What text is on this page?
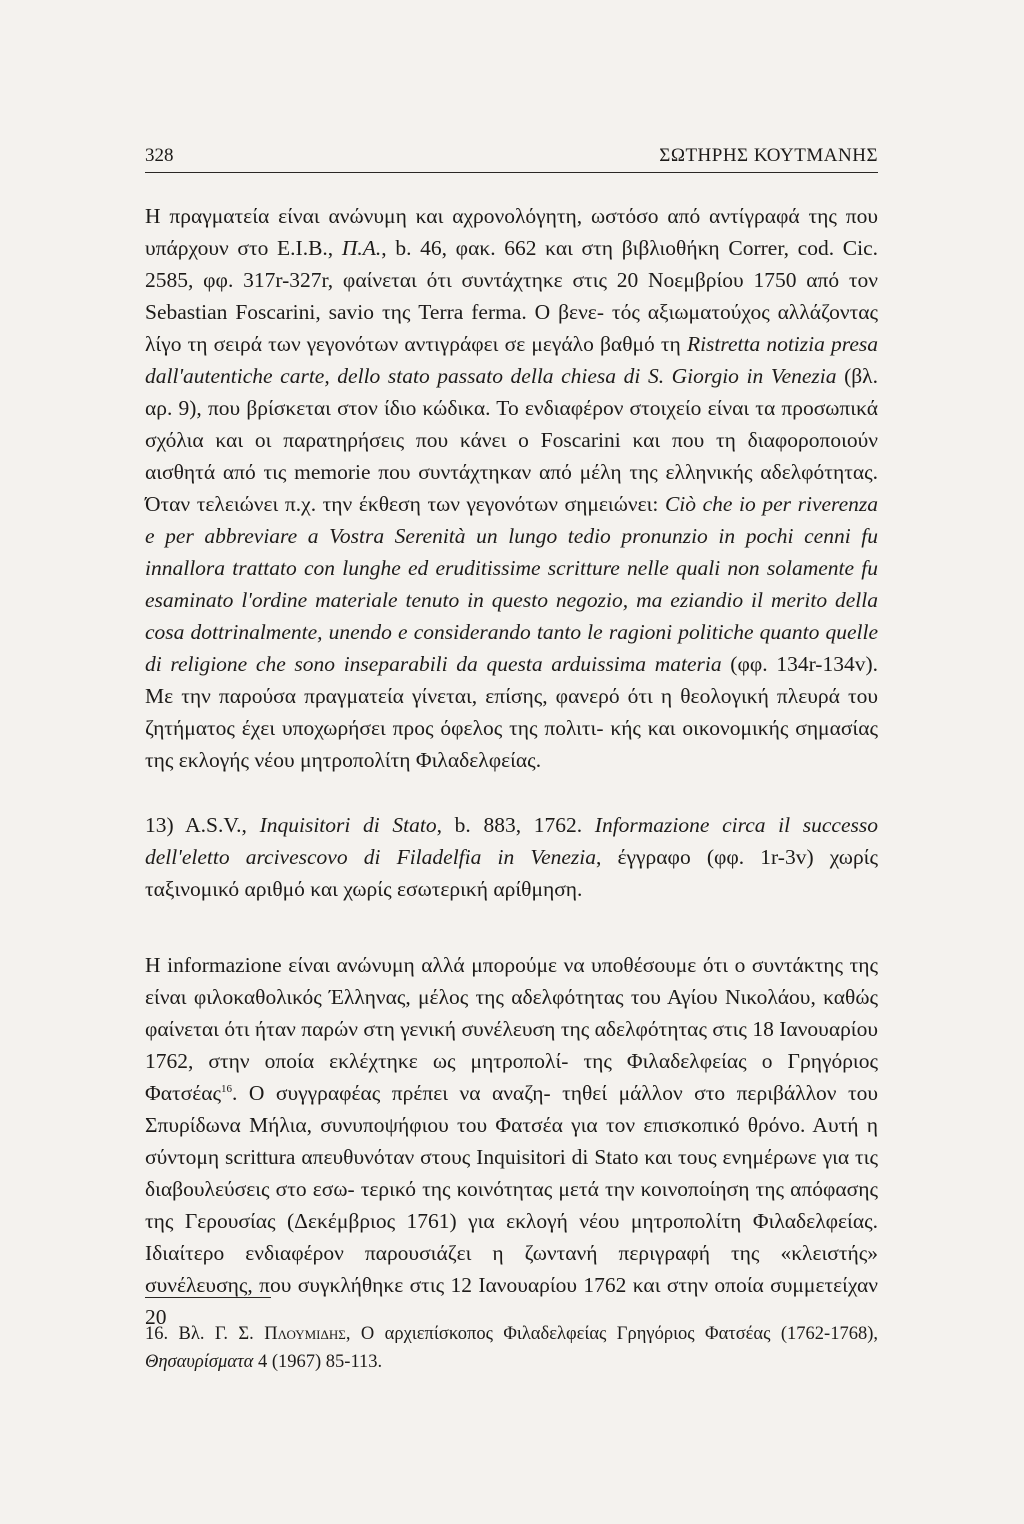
328	ΣΩΤΗΡΗΣ ΚΟΥΤΜΑΝΗΣ

Η πραγματεία είναι ανώνυμη και αχρονολόγητη, ωστόσο από αντίγραφά της που υπάρχουν στο Ε.Ι.Β., Π.Α., b. 46, φακ. 662 και στη βιβλιοθήκη Correr, cod. Cic. 2585, φφ. 317r-327r, φαίνεται ότι συντάχτηκε στις 20 Νοεμβρίου 1750 από τον Sebastian Foscarini, savio της Terra ferma. Ο βενε- τός αξιωματούχος αλλάζοντας λίγο τη σειρά των γεγονότων αντιγράφει σε μεγάλο βαθμό τη Ristretta notizia presa dall'autentiche carte, dello stato passato della chiesa di S. Giorgio in Venezia (βλ. αρ. 9), που βρίσκεται στον ίδιο κώδικα. Το ενδιαφέρον στοιχείο είναι τα προσωπικά σχόλια και οι παρατηρήσεις που κάνει ο Foscarini και που τη διαφοροποιούν αισθητά από τις memorie που συντάχτηκαν από μέλη της ελληνικής αδελφότητας. Όταν τελειώνει π.χ. την έκθεση των γεγονότων σημειώνει: Ciò che io per riverenza e per abbreviare a Vostra Serenità un lungo tedio pronunzio in pochi cenni fu innallora trattato con lunghe ed eruditissime scritture nelle quali non solamente fu esaminato l'ordine materiale tenuto in questo negozio, ma eziandio il merito della cosa dottrinalmente, unendo e considerando tanto le ragioni politiche quanto quelle di religione che sono inseparabili da questa arduissima materia (φφ. 134r-134v). Με την παρούσα πραγματεία γίνεται, επίσης, φανερό ότι η θεολογική πλευρά του ζητήματος έχει υποχωρήσει προς όφελος της πολιτι- κής και οικονομικής σημασίας της εκλογής νέου μητροπολίτη Φιλαδελφείας.

13) A.S.V., Inquisitori di Stato, b. 883, 1762. Informazione circa il successo dell'eletto arcivescovo di Filadelfia in Venezia, έγγραφο (φφ. 1r-3v) χωρίς ταξινομικό αριθμό και χωρίς εσωτερική αρίθμηση.

Η informazione είναι ανώνυμη αλλά μπορούμε να υποθέσουμε ότι ο συντάκτης της είναι φιλοκαθολικός Έλληνας, μέλος της αδελφότητας του Αγίου Νικολάου, καθώς φαίνεται ότι ήταν παρών στη γενική συνέλευση της αδελφότητας στις 18 Ιανουαρίου 1762, στην οποία εκλέχτηκε ως μητροπολί- της Φιλαδελφείας ο Γρηγόριος Φατσέας$^{16}$. Ο συγγραφέας πρέπει να αναζη- τηθεί μάλλον στο περιβάλλον του Σπυρίδωνα Μήλια, συνυποψήφιου του Φατσέα για τον επισκοπικό θρόνο. Αυτή η σύντομη scrittura απευθυνόταν στους Inquisitori di Stato και τους ενημέρωνε για τις διαβουλεύσεις στο εσω- τερικό της κοινότητας μετά την κοινοποίηση της απόφασης της Γερουσίας (Δεκέμβριος 1761) για εκλογή νέου μητροπολίτη Φιλαδελφείας. Ιδιαίτερο ενδιαφέρον παρουσιάζει η ζωντανή περιγραφή της «κλειστής» συνέλευσης, που συγκλήθηκε στις 12 Ιανουαρίου 1762 και στην οποία συμμετείχαν 20

16. Βλ. Γ. Σ. Πλουμιδης, Ο αρχιεπίσκοπος Φιλαδελφείας Γρηγόριος Φατσέας (1762-1768), Θησαυρίσματα 4 (1967) 85-113.
